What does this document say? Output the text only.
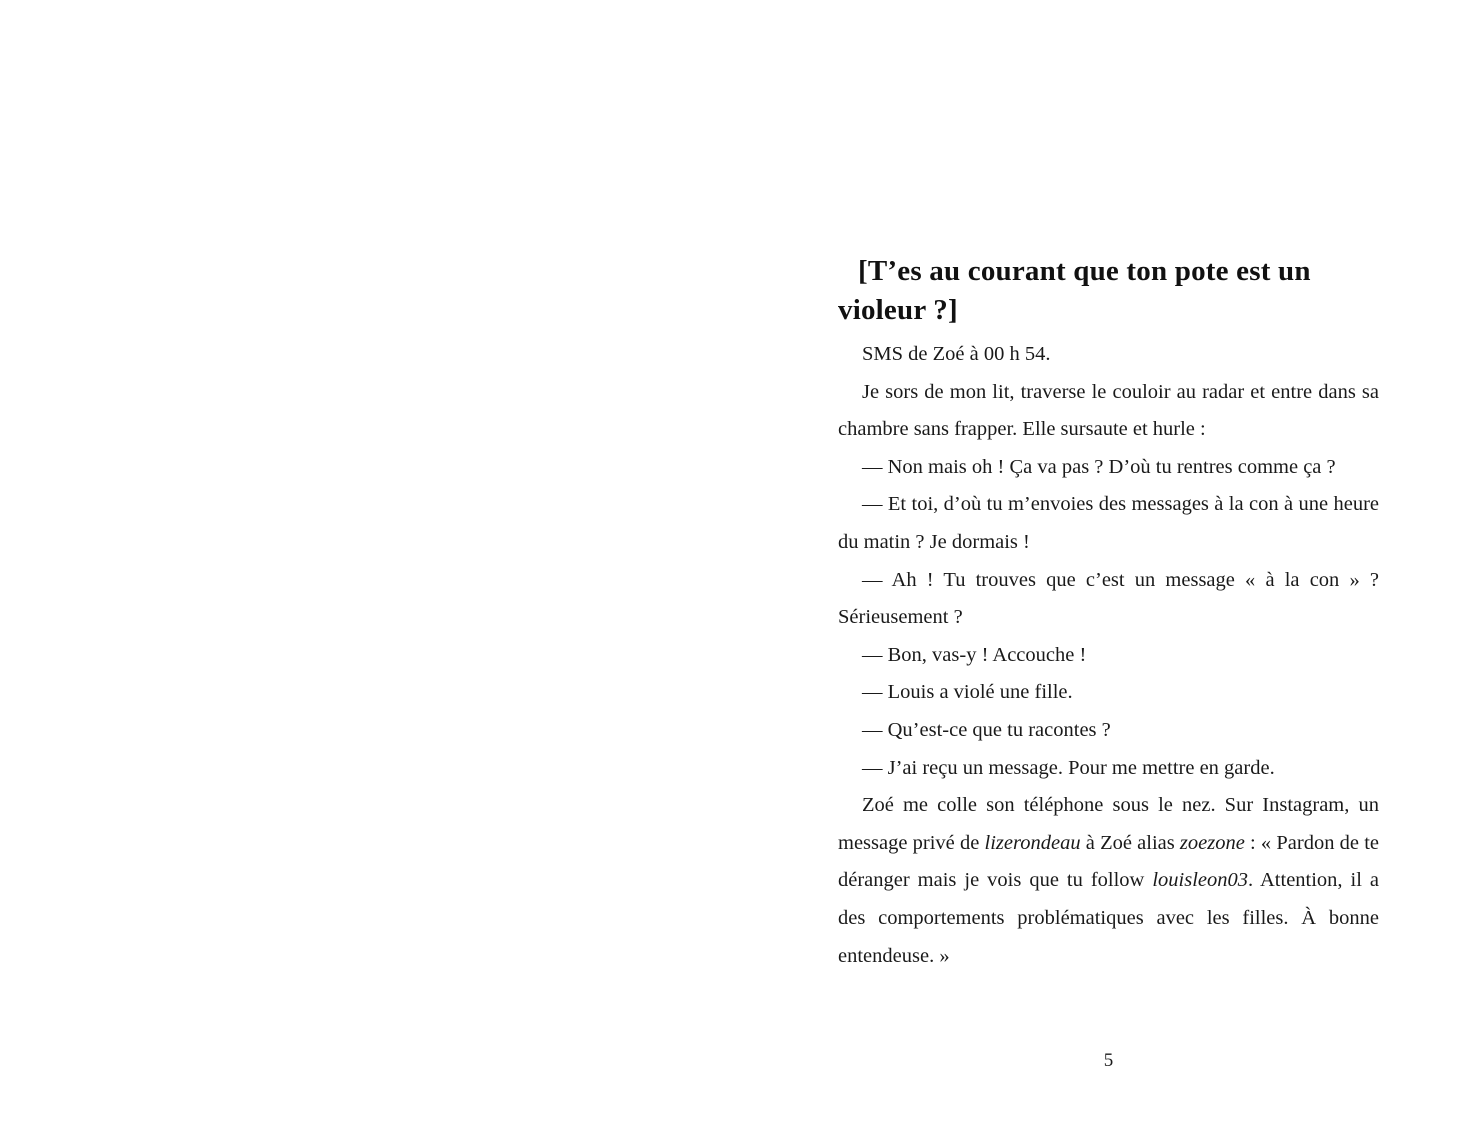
[T’es au courant que ton pote est un violeur ?]

SMS de Zoé à 00 h 54.

Je sors de mon lit, traverse le couloir au radar et entre dans sa chambre sans frapper. Elle sursaute et hurle :

— Non mais oh ! Ça va pas ? D’où tu rentres comme ça ?

— Et toi, d’où tu m’envoies des messages à la con à une heure du matin ? Je dormais !

— Ah ! Tu trouves que c’est un message « à la con » ? Sérieusement ?

— Bon, vas-y ! Accouche !

— Louis a violé une fille.

— Qu’est-ce que tu racontes ?

— J’ai reçu un message. Pour me mettre en garde.

Zoé me colle son téléphone sous le nez. Sur Instagram, un message privé de lizerondeau à Zoé alias zoezone : « Pardon de te déranger mais je vois que tu follow louisleon03. Attention, il a des comportements problématiques avec les filles. À bonne entendeuse. »

5
